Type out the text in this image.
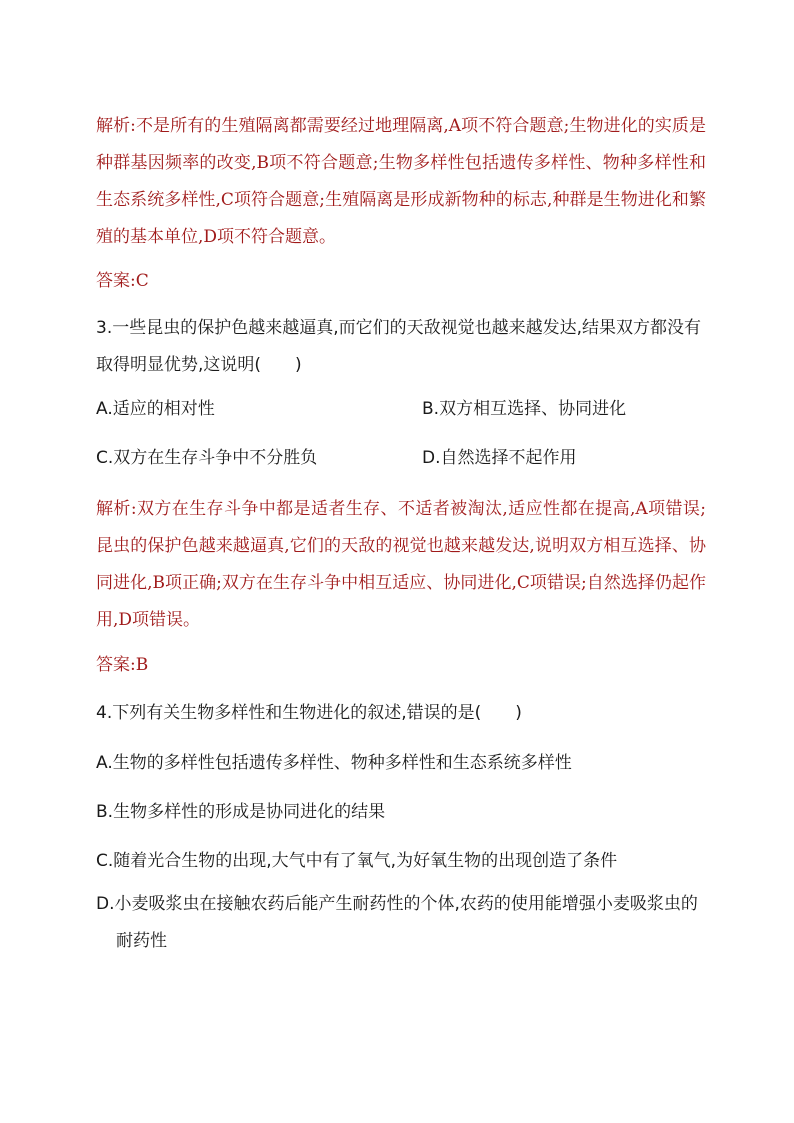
解析:不是所有的生殖隔离都需要经过地理隔离,A项不符合题意;生物进化的实质是种群基因频率的改变,B项不符合题意;生物多样性包括遗传多样性、物种多样性和生态系统多样性,C项符合题意;生殖隔离是形成新物种的标志,种群是生物进化和繁殖的基本单位,D项不符合题意。

答案:C

3.一些昆虫的保护色越来越逼真,而它们的天敌视觉也越来越发达,结果双方都没有取得明显优势,这说明(　　)

A.适应的相对性	B.双方相互选择、协同进化
C.双方在生存斗争中不分胜负	D.自然选择不起作用

解析:双方在生存斗争中都是适者生存、不适者被淘汰,适应性都在提高,A项错误;昆虫的保护色越来越逼真,它们的天敌的视觉也越来越发达,说明双方相互选择、协同进化,B项正确;双方在生存斗争中相互适应、协同进化,C项错误;自然选择仍起作用,D项错误。

答案:B

4.下列有关生物多样性和生物进化的叙述,错误的是(　　)

A.生物的多样性包括遗传多样性、物种多样性和生态系统多样性
B.生物多样性的形成是协同进化的结果
C.随着光合生物的出现,大气中有了氧气,为好氧生物的出现创造了条件
D.小麦吸浆虫在接触农药后能产生耐药性的个体,农药的使用能增强小麦吸浆虫的耐药性
